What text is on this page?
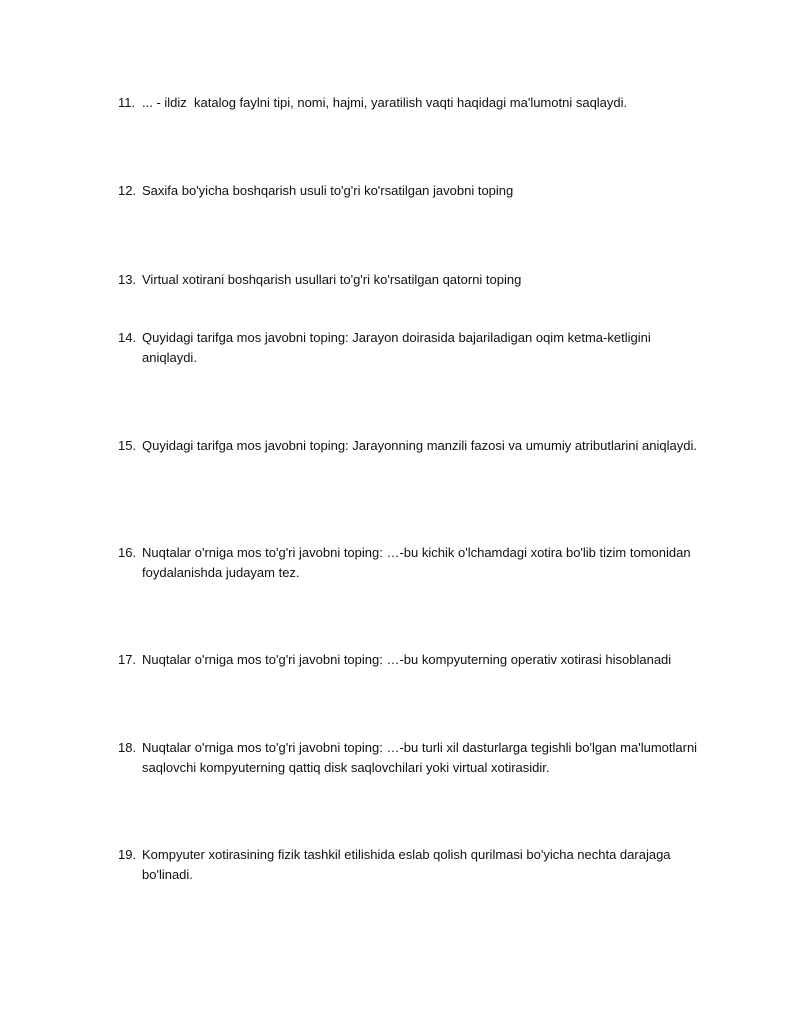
11. ... - ildiz  katalog faylni tipi, nomi, hajmi, yaratilish vaqti haqidagi ma'lumotni saqlaydi.
12. Saxifa bo'yicha boshqarish usuli to'g'ri ko'rsatilgan javobni toping
13. Virtual xotirani boshqarish usullari to'g'ri ko'rsatilgan qatorni toping
14. Quyidagi tarifga mos javobni toping: Jarayon doirasida bajariladigan oqim ketma-ketligini aniqlaydi.
15. Quyidagi tarifga mos javobni toping: Jarayonning manzili fazosi va umumiy atributlarini aniqlaydi.
16. Nuqtalar o'rniga mos to'g'ri javobni toping: …-bu kichik o'lchamdagi xotira bo'lib tizim tomonidan foydalanishda judayam tez.
17. Nuqtalar o'rniga mos to'g'ri javobni toping: …-bu kompyuterning operativ xotirasi hisoblanadi
18. Nuqtalar o'rniga mos to'g'ri javobni toping: …-bu turli xil dasturlarga tegishli bo'lgan ma'lumotlarni saqlovchi kompyuterning qattiq disk saqlovchilari yoki virtual xotirasidir.
19. Kompyuter xotirasining fizik tashkil etilishida eslab qolish qurilmasi bo'yicha nechta darajaga bo'linadi.
